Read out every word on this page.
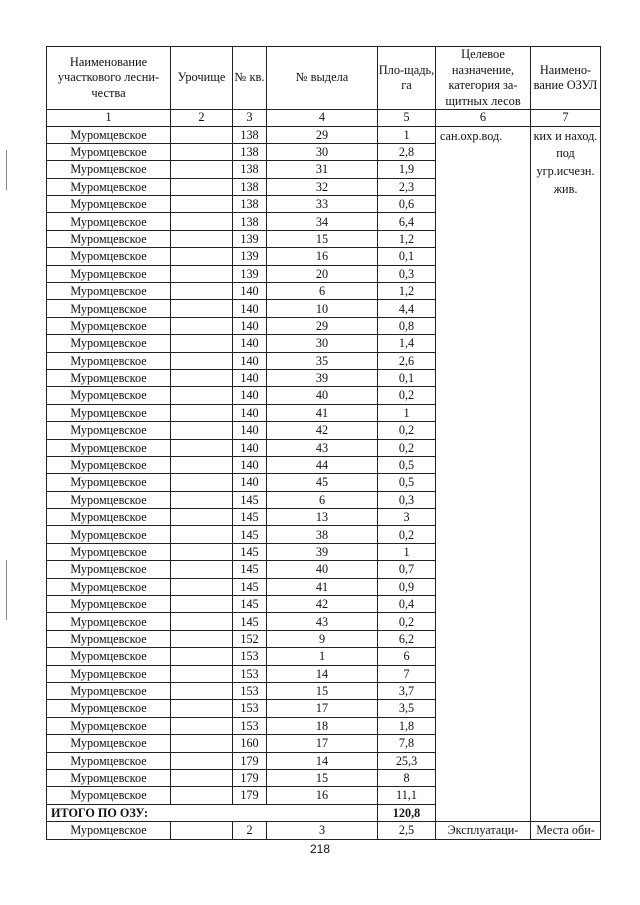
Наименование участкового лесни-чества	Урочище	№ кв.	№ выдела	Пло-щадь, га	Целевое назначение, категория за-щитных лесов	Наимено-вание ОЗУЛ
1	2	3	4	5	6	7
Муромцевское		138	29	1	сан.охр.вод.	ких и наход. под угр.исчезн. жив.

Муромцевское		138	30	2,8		
Муромцевское		138	31	1,9		
Муромцевское		138	32	2,3		
Муромцевское		138	33	0,6		
Муромцевское		138	34	6,4		
Муромцевское		139	15	1,2		
Муромцевское		139	16	0,1		
Муромцевское		139	20	0,3		
Муромцевское		140	6	1,2		
Муромцевское		140	10	4,4		
Муромцевское		140	29	0,8		
Муромцевское		140	30	1,4		
Муромцевское		140	35	2,6		
Муромцевское		140	39	0,1		
Муромцевское		140	40	0,2		
Муромцевское		140	41	1		
Муромцевское		140	42	0,2		
Муромцевское		140	43	0,2		
Муромцевское		140	44	0,5		
Муромцевское		140	45	0,5		
Муромцевское		145	6	0,3		
Муромцевское		145	13	3		
Муромцевское		145	38	0,2		
Муромцевское		145	39	1		
Муромцевское		145	40	0,7		
Муромцевское		145	41	0,9		
Муромцевское		145	42	0,4		
Муромцевское		145	43	0,2		
Муромцевское		152	9	6,2		
Муромцевское		153	1	6		
Муромцевское		153	14	7		
Муромцевское		153	15	3,7		
Муромцевское		153	17	3,5		
Муромцевское		153	18	1,8		
Муромцевское		160	17	7,8		
Муромцевское		179	14	25,3		
Муромцевское		179	15	8		
Муромцевское		179	16	11,1		
ИТОГО ПО ОЗУ:				120,8		
Муромцевское		2	3	2,5	Эксплуатаци-	Места оби-
218
